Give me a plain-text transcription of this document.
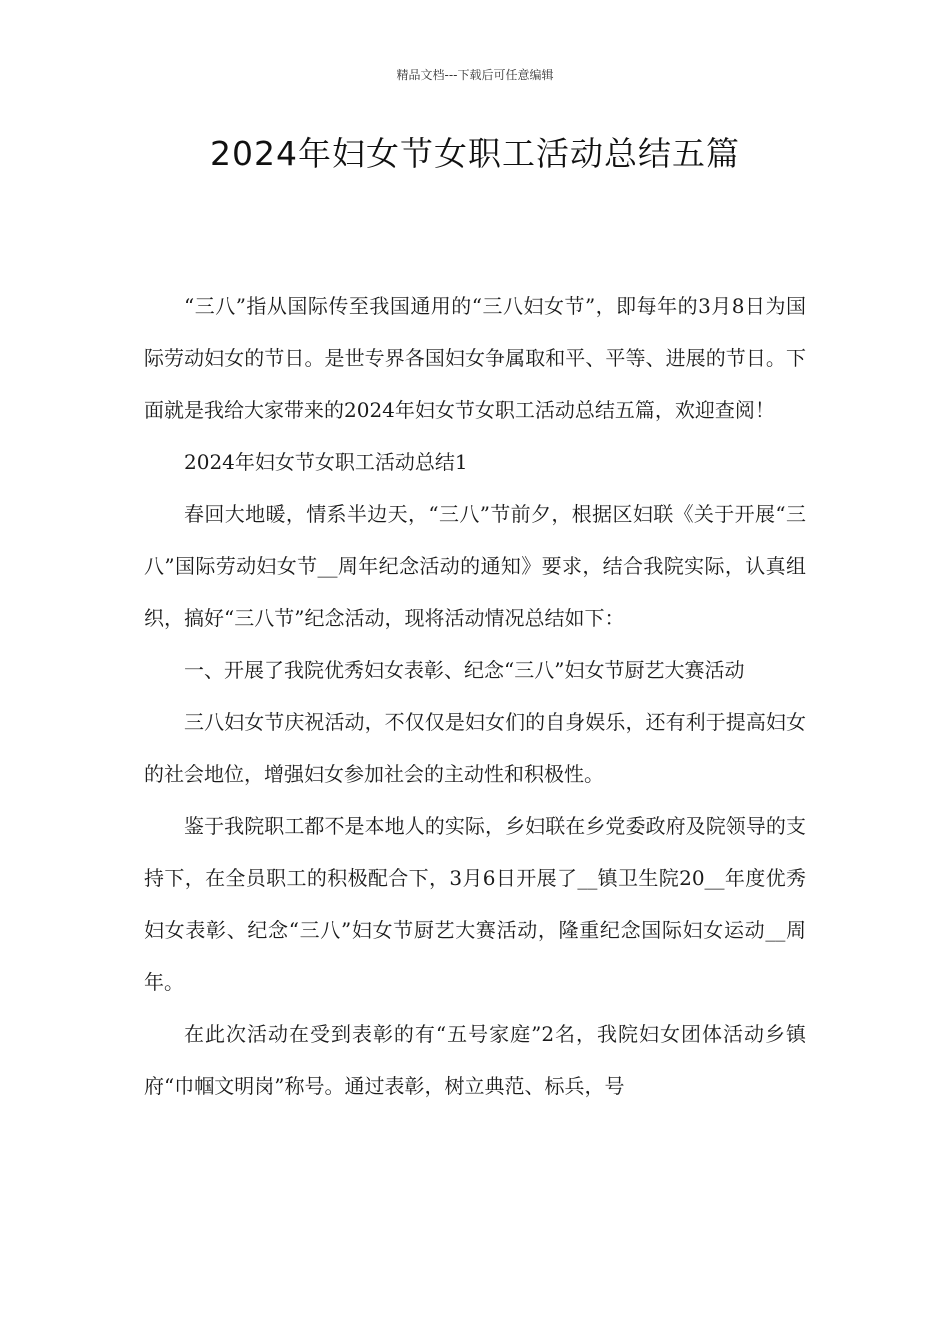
精品文档---下载后可任意编辑
2024年妇女节女职工活动总结五篇

“三八”指从国际传至我国通用的“三八妇女节”，即每年的3月8日为国际劳动妇女的节日。是世专界各国妇女争属取和平、平等、进展的节日。下面就是我给大家带来的2024年妇女节女职工活动总结五篇，欢迎查阅！

2024年妇女节女职工活动总结1

春回大地暖，情系半边天，“三八”节前夕，根据区妇联《关于开展“三八”国际劳动妇女节__周年纪念活动的通知》要求，结合我院实际，认真组织，搞好“三八节”纪念活动，现将活动情况总结如下：

一、开展了我院优秀妇女表彰、纪念“三八”妇女节厨艺大赛活动

三八妇女节庆祝活动，不仅仅是妇女们的自身娱乐，还有利于提高妇女的社会地位，增强妇女参加社会的主动性和积极性。

鉴于我院职工都不是本地人的实际，乡妇联在乡党委政府及院领导的支持下，在全员职工的积极配合下，3月6日开展了__镇卫生院20__年度优秀妇女表彰、纪念“三八”妇女节厨艺大赛活动，隆重纪念国际妇女运动__周年。

在此次活动在受到表彰的有“五号家庭”2名，我院妇女团体活动乡镇府“巾帼文明岗”称号。通过表彰，树立典范、标兵，号
